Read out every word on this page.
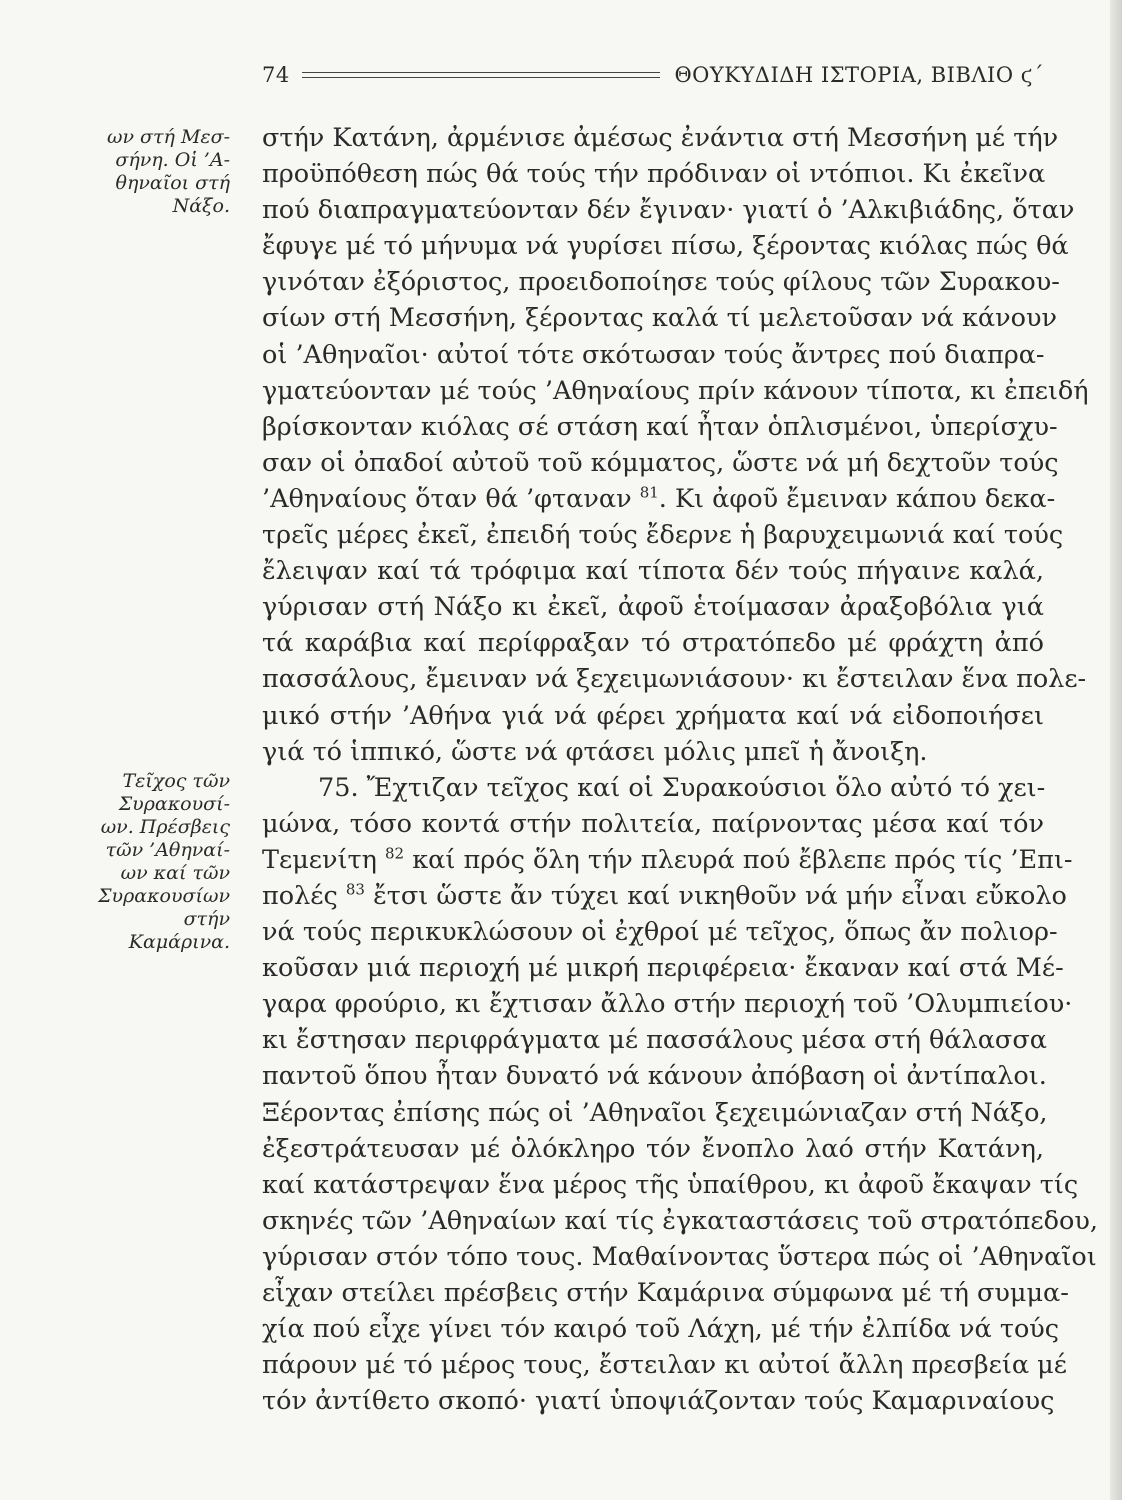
74	ΘΟΥΚΥΔΙΔΗ ΙΣΤΟΡΙΑ, ΒΙΒΛΙΟ ϛ΄
ων στή Μεσ-
σήνη. Οἱ ’Α-
θηναῖοι στή
Νάξο.
Τεῖχος τῶν
Συρακουσί-
ων. Πρέσβεις
τῶν ’Αθηναί-
ων καί τῶν
Συρακουσίων
στήν
Καμάρινα.
στήν Κατάνη, ἀρμένισε ἀμέσως ἐνάντια στή Μεσσήνη μέ τήν
προϋπόθεση πώς θά τούς τήν πρόδιναν οἱ ντόπιοι. Κι ἐκεῖνα
πού διαπραγματεύονταν δέν ἔγιναν· γιατί ὁ ’Αλκιβιάδης, ὅταν
ἔφυγε μέ τό μήνυμα νά γυρίσει πίσω, ξέροντας κιόλας πώς θά
γινόταν ἐξόριστος, προειδοποίησε τούς φίλους τῶν Συρακου-
σίων στή Μεσσήνη, ξέροντας καλά τί μελετοῦσαν νά κάνουν
οἱ ’Αθηναῖοι· αὐτοί τότε σκότωσαν τούς ἄντρες πού διαπρα-
γματεύονταν μέ τούς ’Αθηναίους πρίν κάνουν τίποτα, κι ἐπειδή
βρίσκονταν κιόλας σέ στάση καί ἦταν ὁπλισμένοι, ὑπερίσχυ-
σαν οἱ ὀπαδοί αὐτοῦ τοῦ κόμματος, ὥστε νά μή δεχτοῦν τούς
’Αθηναίους ὅταν θά ’φταναν $^{81}$. Κι ἀφοῦ ἔμειναν κάπου δεκα-
τρεῖς μέρες ἐκεῖ, ἐπειδή τούς ἔδερνε ἡ βαρυχειμωνιά καί τούς
ἔλειψαν καί τά τρόφιμα καί τίποτα δέν τούς πήγαινε καλά,
γύρισαν στή Νάξο κι ἐκεῖ, ἀφοῦ ἑτοίμασαν ἀραξοβόλια γιά
τά καράβια καί περίφραξαν τό στρατόπεδο μέ φράχτη ἀπό
πασσάλους, ἔμειναν νά ξεχειμωνιάσουν· κι ἔστειλαν ἕνα πολε-
μικό στήν ’Αθήνα γιά νά φέρει χρήματα καί νά εἰδοποιήσει
γιά τό ἱππικό, ὥστε νά φτάσει μόλις μπεῖ ἡ ἄνοιξη.
75. Ἔχτιζαν τεῖχος καί οἱ Συρακούσιοι ὅλο αὐτό τό χει-
μώνα, τόσο κοντά στήν πολιτεία, παίρνοντας μέσα καί τόν
Τεμενίτη $^{82}$ καί πρός ὅλη τήν πλευρά πού ἔβλεπε πρός τίς ’Επι-
πολές $^{83}$ ἔτσι ὥστε ἄν τύχει καί νικηθοῦν νά μήν εἶναι εὔκολο
νά τούς περικυκλώσουν οἱ ἐχθροί μέ τεῖχος, ὅπως ἄν πολιορ-
κοῦσαν μιά περιοχή μέ μικρή περιφέρεια· ἔκαναν καί στά Μέ-
γαρα φρούριο, κι ἔχτισαν ἄλλο στήν περιοχή τοῦ ’Ολυμπιείου·
κι ἔστησαν περιφράγματα μέ πασσάλους μέσα στή θάλασσα
παντοῦ ὅπου ἦταν δυνατό νά κάνουν ἀπόβαση οἱ ἀντίπαλοι.
Ξέροντας ἐπίσης πώς οἱ ’Αθηναῖοι ξεχειμώνιαζαν στή Νάξο,
ἐξεστράτευσαν μέ ὁλόκληρο τόν ἔνοπλο λαό στήν Κατάνη,
καί κατάστρεψαν ἕνα μέρος τῆς ὑπαίθρου, κι ἀφοῦ ἔκαψαν τίς
σκηνές τῶν ’Αθηναίων καί τίς ἐγκαταστάσεις τοῦ στρατόπεδου,
γύρισαν στόν τόπο τους. Μαθαίνοντας ὕστερα πώς οἱ ’Αθηναῖοι
εἶχαν στείλει πρέσβεις στήν Καμάρινα σύμφωνα μέ τή συμμα-
χία πού εἶχε γίνει τόν καιρό τοῦ Λάχη, μέ τήν ἐλπίδα νά τούς
πάρουν μέ τό μέρος τους, ἔστειλαν κι αὐτοί ἄλλη πρεσβεία μέ
τόν ἀντίθετο σκοπό· γιατί ὑποψιάζονταν τούς Καμαριναίους
